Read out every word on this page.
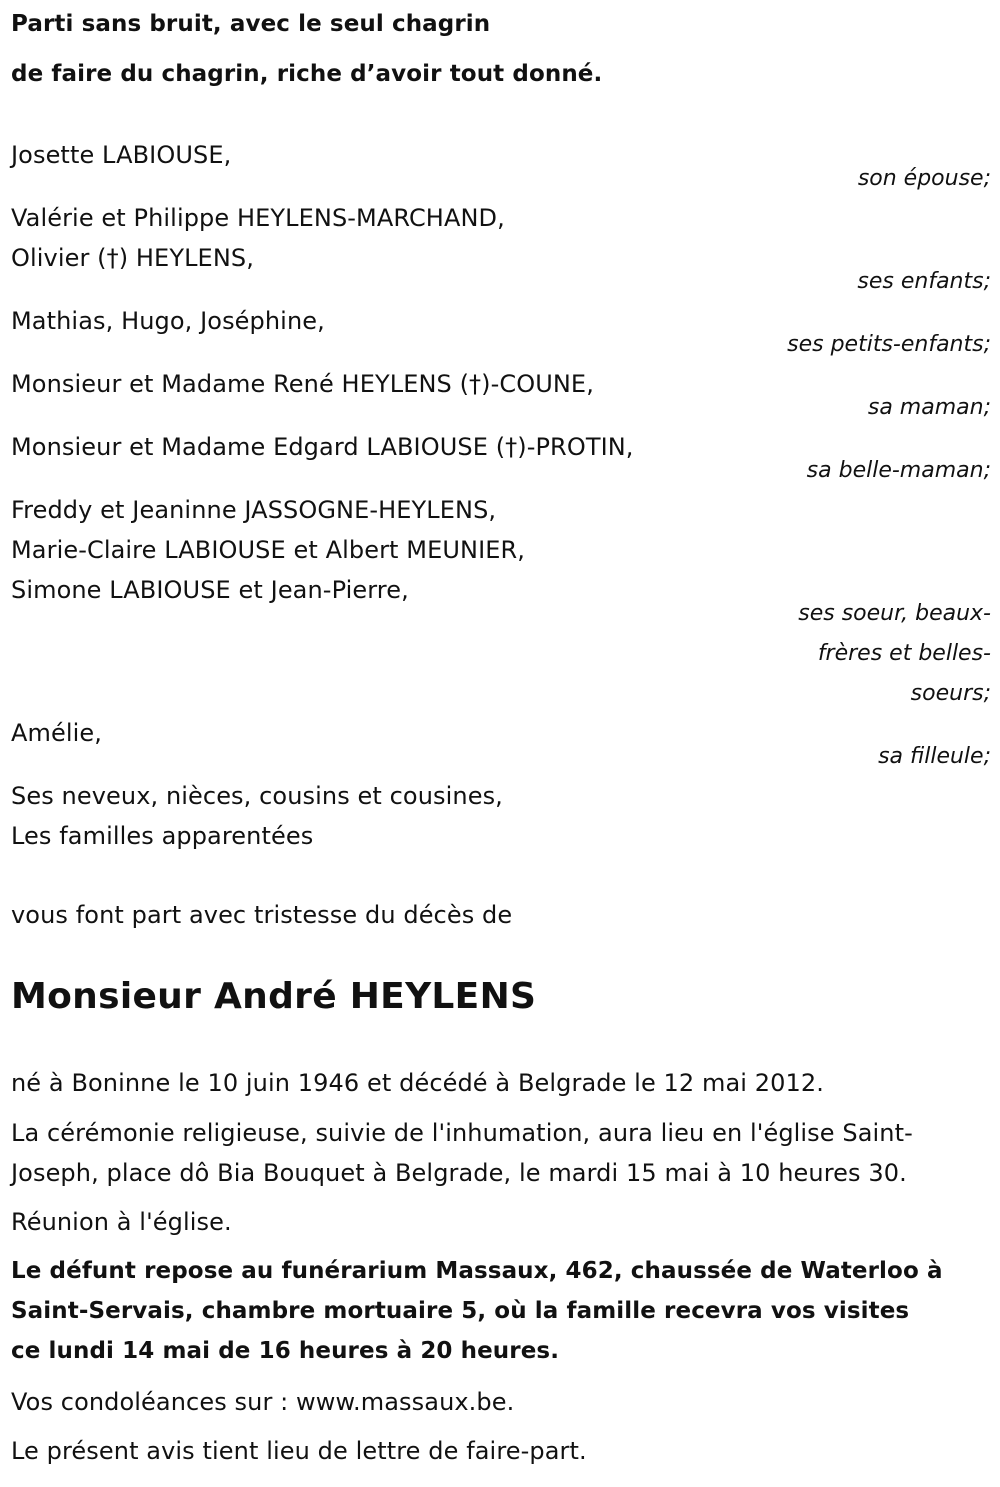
Parti sans bruit, avec le seul chagrin
de faire du chagrin, riche d’avoir tout donné.
Josette LABIOUSE,
son épouse;
Valérie et Philippe HEYLENS-MARCHAND,
Olivier (†) HEYLENS,
ses enfants;
Mathias, Hugo, Joséphine,
ses petits-enfants;
Monsieur et Madame René HEYLENS (†)-COUNE,
sa maman;
Monsieur et Madame Edgard LABIOUSE (†)-PROTIN,
sa belle-maman;
Freddy et Jeaninne JASSOGNE-HEYLENS,
Marie-Claire LABIOUSE et Albert MEUNIER,
Simone LABIOUSE et Jean-Pierre,
ses soeur, beaux-
frères et belles-
soeurs;
Amélie,
sa filleule;
Ses neveux, nièces, cousins et cousines,
Les familles apparentées
vous font part avec tristesse du décès de
Monsieur André HEYLENS
né à Boninne le 10 juin 1946 et décédé à Belgrade le 12 mai 2012.
La cérémonie religieuse, suivie de l'inhumation, aura lieu en l'église Saint-
Joseph, place dô Bia Bouquet à Belgrade, le mardi 15 mai à 10 heures 30.
Réunion à l'église.
Le défunt repose au funérarium Massaux, 462, chaussée de Waterloo à
Saint-Servais, chambre mortuaire 5, où la famille recevra vos visites
ce lundi 14 mai de 16 heures à 20 heures.
Vos condoléances sur : www.massaux.be.
Le présent avis tient lieu de lettre de faire-part.
